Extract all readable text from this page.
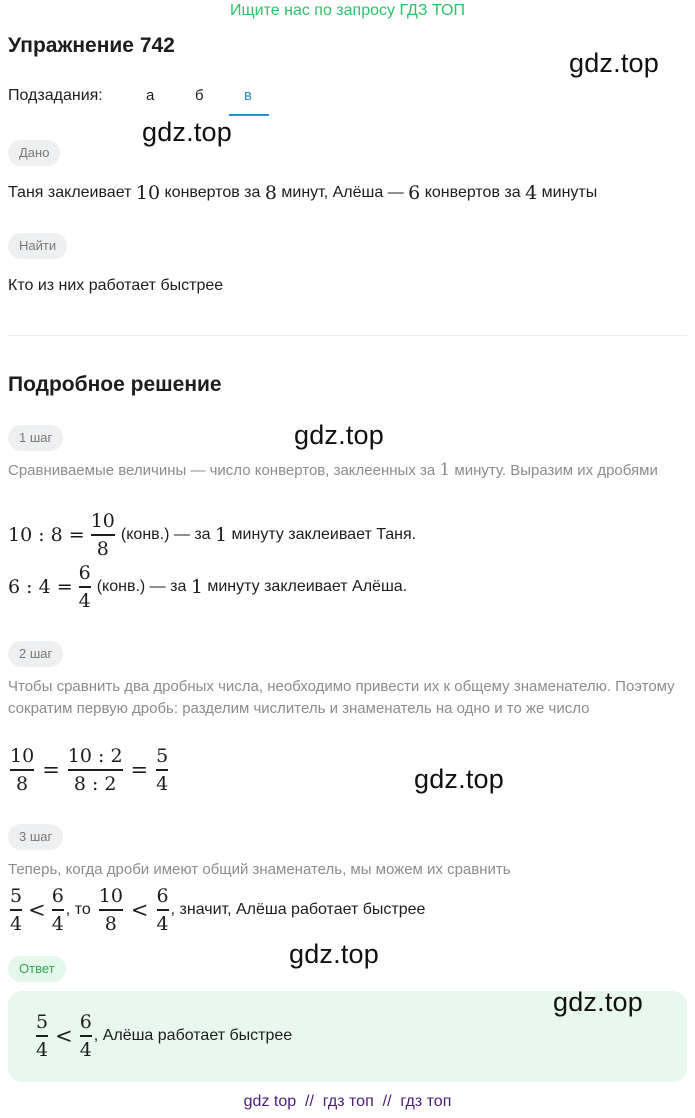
Ищите нас по запросу ГДЗ ТОП
Упражнение 742
gdz.top
Подзадания:	а	б	в
gdz.top
Дано
Таня заклеивает
10
конвертов за
8
минут, Алёша —
6
конвертов за
4
минуты
Найти
Кто из них работает быстрее
Подробное решение
1 шаг	gdz.top
Сравниваемые величины — число конвертов, заклеенных за 1 минуту. Выразим их дробями
10 : $8 = \frac{10}{8}$ (конв.) — за
1
минуту заклеивает Таня.
6 : $4 = \frac{6}{4}$ (конв.) — за
1
минуту заклеивает Алёша.
2 шаг
Чтобы сравнить два дробных числа, необходимо привести их к общему знаменателю. Поэтому сократим первую дробь: разделим числитель и знаменатель на одно и то же число
$\frac{10}{8} = \frac{10 : 2}{8 : 2} = \frac{5}{4}$	gdz.top
3 шаг
Теперь, когда дроби имеют общий знаменатель, мы можем их сравнить
$\frac{5}{4} < \frac{6}{4}$ , то $\frac{10}{8} < \frac{6}{4}$ , значит, Алёша работает быстрее
Ответ	gdz.top
gdz.top
$\frac{5}{4} < \frac{6}{4}$ , Алёша работает быстрее
gdz top  //  гдз топ  //  гдз топ
